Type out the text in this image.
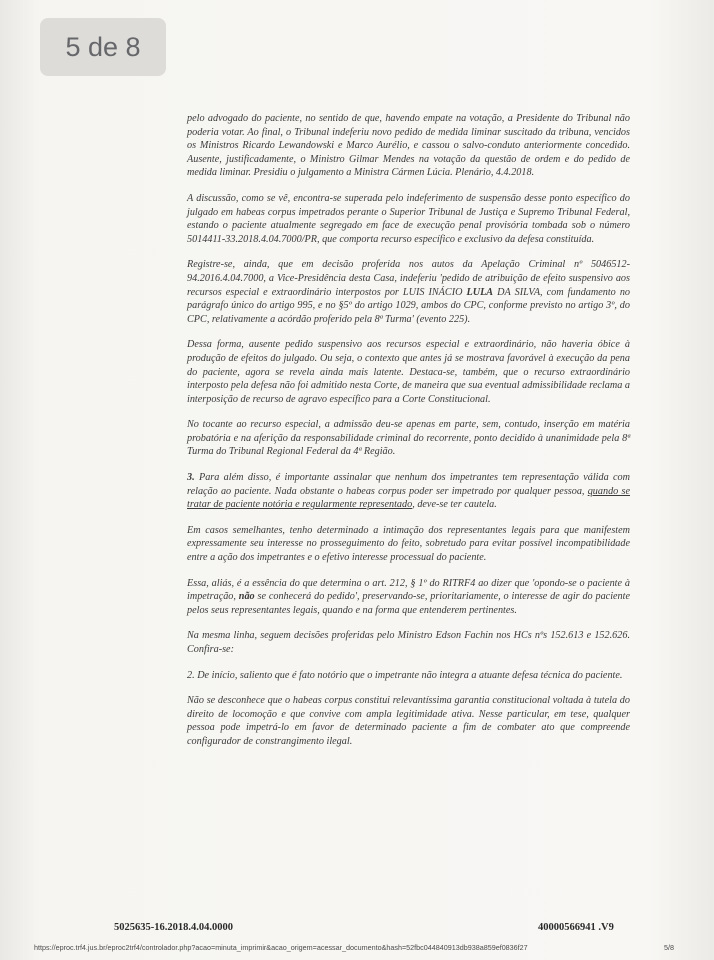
5 de 8

pelo advogado do paciente, no sentido de que, havendo empate na votação, a Presidente do Tribunal não poderia votar. Ao final, o Tribunal indeferiu novo pedido de medida liminar suscitado da tribuna, vencidos os Ministros Ricardo Lewandowski e Marco Aurélio, e cassou o salvo-conduto anteriormente concedido. Ausente, justificadamente, o Ministro Gilmar Mendes na votação da questão de ordem e do pedido de medida liminar. Presidiu o julgamento a Ministra Cármen Lúcia. Plenário, 4.4.2018.

A discussão, como se vê, encontra-se superada pelo indeferimento de suspensão desse ponto específico do julgado em habeas corpus impetrados perante o Superior Tribunal de Justiça e Supremo Tribunal Federal, estando o paciente atualmente segregado em face de execução penal provisória tombada sob o número 5014411-33.2018.4.04.7000/PR, que comporta recurso específico e exclusivo da defesa constituída.

Registre-se, ainda, que em decisão proferida nos autos da Apelação Criminal nº 5046512-94.2016.4.04.7000, a Vice-Presidência desta Casa, indeferiu 'pedido de atribuição de efeito suspensivo aos recursos especial e extraordinário interpostos por LUIS INÁCIO LULA DA SILVA, com fundamento no parágrafo único do artigo 995, e no §5º do artigo 1029, ambos do CPC, conforme previsto no artigo 3º, do CPC, relativamente a acórdão proferido pela 8ª Turma' (evento 225).

Dessa forma, ausente pedido suspensivo aos recursos especial e extraordinário, não haveria óbice à produção de efeitos do julgado. Ou seja, o contexto que antes já se mostrava favorável à execução da pena do paciente, agora se revela ainda mais latente. Destaca-se, também, que o recurso extraordinário interposto pela defesa não foi admitido nesta Corte, de maneira que sua eventual admissibilidade reclama a interposição de recurso de agravo específico para a Corte Constitucional.

No tocante ao recurso especial, a admissão deu-se apenas em parte, sem, contudo, inserção em matéria probatória e na aferição da responsabilidade criminal do recorrente, ponto decidido à unanimidade pela 8ª Turma do Tribunal Regional Federal da 4ª Região.

3. Para além disso, é importante assinalar que nenhum dos impetrantes tem representação válida com relação ao paciente. Nada obstante o habeas corpus poder ser impetrado por qualquer pessoa, quando se tratar de paciente notória e regularmente representado, deve-se ter cautela.

Em casos semelhantes, tenho determinado a intimação dos representantes legais para que manifestem expressamente seu interesse no prosseguimento do feito, sobretudo para evitar possível incompatibilidade entre a ação dos impetrantes e o efetivo interesse processual do paciente.

Essa, aliás, é a essência do que determina o art. 212, § 1º do RITRF4 ao dizer que 'opondo-se o paciente à impetração, não se conhecerá do pedido', preservando-se, prioritariamente, o interesse de agir do paciente pelos seus representantes legais, quando e na forma que entenderem pertinentes.

Na mesma linha, seguem decisões proferidas pelo Ministro Edson Fachin nos HCs nºs 152.613 e 152.626. Confira-se:

2. De início, saliento que é fato notório que o impetrante não integra a atuante defesa técnica do paciente.

Não se desconhece que o habeas corpus constitui relevantíssima garantia constitucional voltada à tutela do direito de locomoção e que convive com ampla legitimidade ativa. Nesse particular, em tese, qualquer pessoa pode impetrá-lo em favor de determinado paciente a fim de combater ato que compreende configurador de constrangimento ilegal.

5025635-16.2018.4.04.0000	40000566941 .V9
https://eproc.trf4.jus.br/eproc2trf4/controlador.php?acao=minuta_imprimir&acao_origem=acessar_documento&hash=52fbc044840913db938a859ef0836f27	5/8
